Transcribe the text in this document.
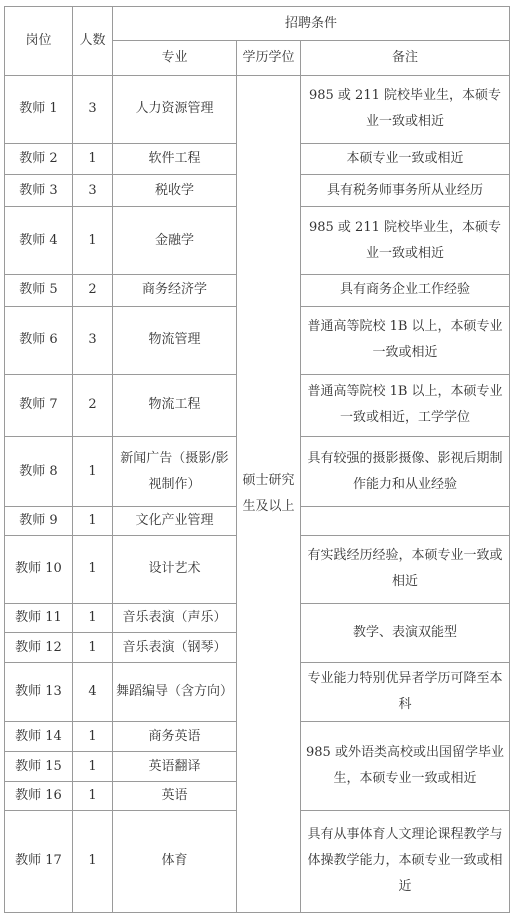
岗位	人数	招聘条件		
		专业	学历学位	备注
教师 1	3	人力资源管理	硕士研究生及以上	985 或 211 院校毕业生，本硕专业一致或相近
教师 2	1	软件工程		本硕专业一致或相近
教师 3	3	税收学		具有税务师事务所从业经历
教师 4	1	金融学		985 或 211 院校毕业生，本硕专业一致或相近
教师 5	2	商务经济学		具有商务企业工作经验
教师 6	3	物流管理		普通高等院校 1B 以上，本硕专业一致或相近
教师 7	2	物流工程		普通高等院校 1B 以上，本硕专业一致或相近，工学学位
教师 8	1	新闻广告（摄影/影视制作）		具有较强的摄影摄像、影视后期制作能力和从业经验
教师 9	1	文化产业管理		
教师 10	1	设计艺术		有实践经历经验，本硕专业一致或相近
教师 11	1	音乐表演（声乐）		教学、表演双能型
教师 12	1	音乐表演（钢琴）		
教师 13	4	舞蹈编导（含方向）		专业能力特别优异者学历可降至本科
教师 14	1	商务英语		985 或外语类高校或出国留学毕业生，本硕专业一致或相近
教师 15	1	英语翻译		
教师 16	1	英语		
教师 17	1	体育		具有从事体育人文理论课程教学与体操教学能力，本硕专业一致或相近
